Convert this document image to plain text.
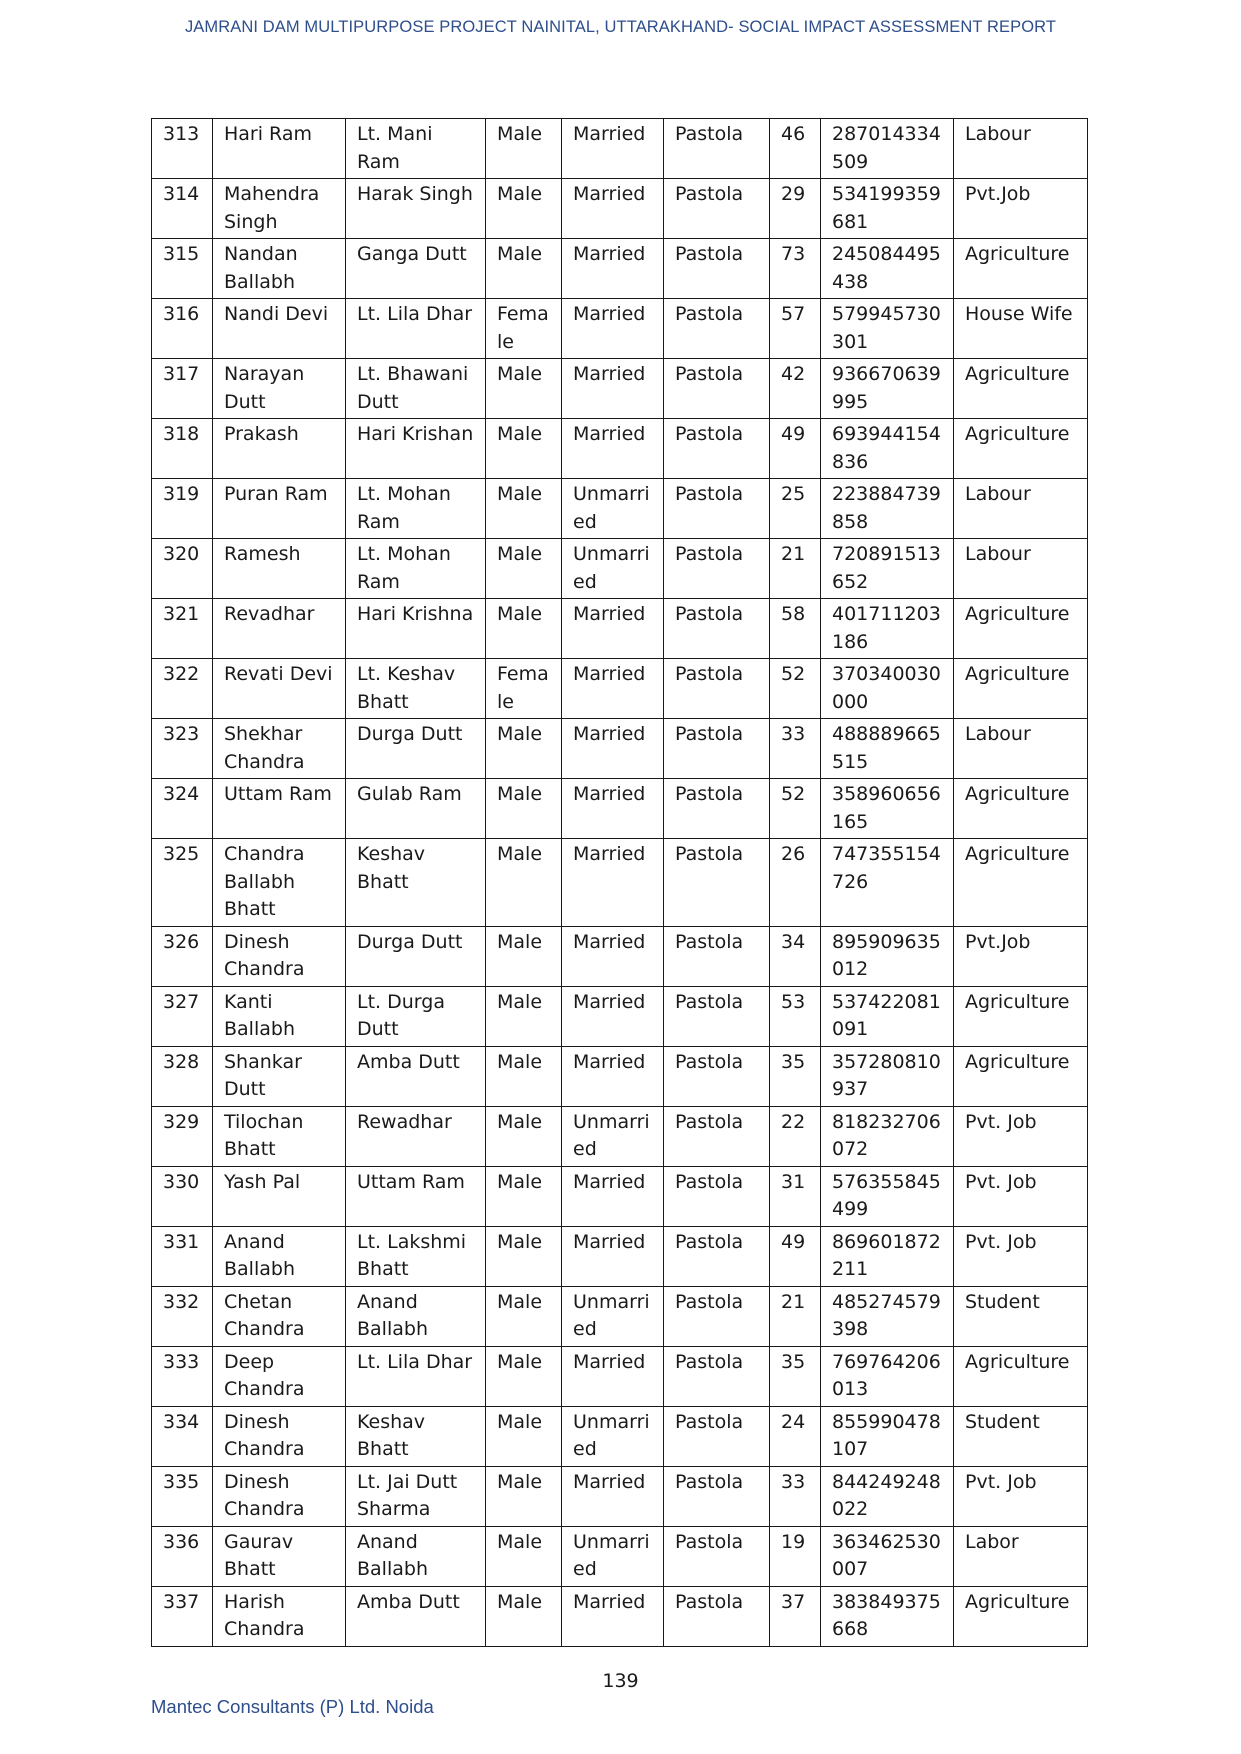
JAMRANI DAM MULTIPURPOSE PROJECT NAINITAL, UTTARAKHAND- SOCIAL IMPACT ASSESSMENT REPORT
313	Hari Ram	Lt. Mani Ram	Male	Married	Pastola	46	287014334509	Labour
314	Mahendra Singh	Harak Singh	Male	Married	Pastola	29	534199359681	Pvt.Job
315	Nandan Ballabh	Ganga Dutt	Male	Married	Pastola	73	245084495438	Agriculture
316	Nandi Devi	Lt. Lila Dhar	Female	Married	Pastola	57	579945730301	House Wife
317	Narayan Dutt	Lt. Bhawani Dutt	Male	Married	Pastola	42	936670639995	Agriculture
318	Prakash	Hari Krishan	Male	Married	Pastola	49	693944154836	Agriculture
319	Puran Ram	Lt. Mohan Ram	Male	Unmarried	Pastola	25	223884739858	Labour
320	Ramesh	Lt. Mohan Ram	Male	Unmarried	Pastola	21	720891513652	Labour
321	Revadhar	Hari Krishna	Male	Married	Pastola	58	401711203186	Agriculture
322	Revati Devi	Lt. Keshav Bhatt	Female	Married	Pastola	52	370340030000	Agriculture
323	Shekhar Chandra	Durga Dutt	Male	Married	Pastola	33	488889665515	Labour
324	Uttam Ram	Gulab Ram	Male	Married	Pastola	52	358960656165	Agriculture
325	Chandra Ballabh Bhatt	Keshav Bhatt	Male	Married	Pastola	26	747355154726	Agriculture
326	Dinesh Chandra	Durga Dutt	Male	Married	Pastola	34	895909635012	Pvt.Job
327	Kanti Ballabh	Lt. Durga Dutt	Male	Married	Pastola	53	537422081091	Agriculture
328	Shankar Dutt	Amba Dutt	Male	Married	Pastola	35	357280810937	Agriculture
329	Tilochan Bhatt	Rewadhar	Male	Unmarried	Pastola	22	818232706072	Pvt. Job
330	Yash Pal	Uttam Ram	Male	Married	Pastola	31	576355845499	Pvt. Job
331	Anand Ballabh	Lt. Lakshmi Bhatt	Male	Married	Pastola	49	869601872211	Pvt. Job
332	Chetan Chandra	Anand Ballabh	Male	Unmarried	Pastola	21	485274579398	Student
333	Deep Chandra	Lt. Lila Dhar	Male	Married	Pastola	35	769764206013	Agriculture
334	Dinesh Chandra	Keshav Bhatt	Male	Unmarried	Pastola	24	855990478107	Student
335	Dinesh Chandra	Lt. Jai Dutt Sharma	Male	Married	Pastola	33	844249248022	Pvt. Job
336	Gaurav Bhatt	Anand Ballabh	Male	Unmarried	Pastola	19	363462530007	Labor
337	Harish Chandra	Amba Dutt	Male	Married	Pastola	37	383849375668	Agriculture
139
Mantec Consultants (P) Ltd. Noida
